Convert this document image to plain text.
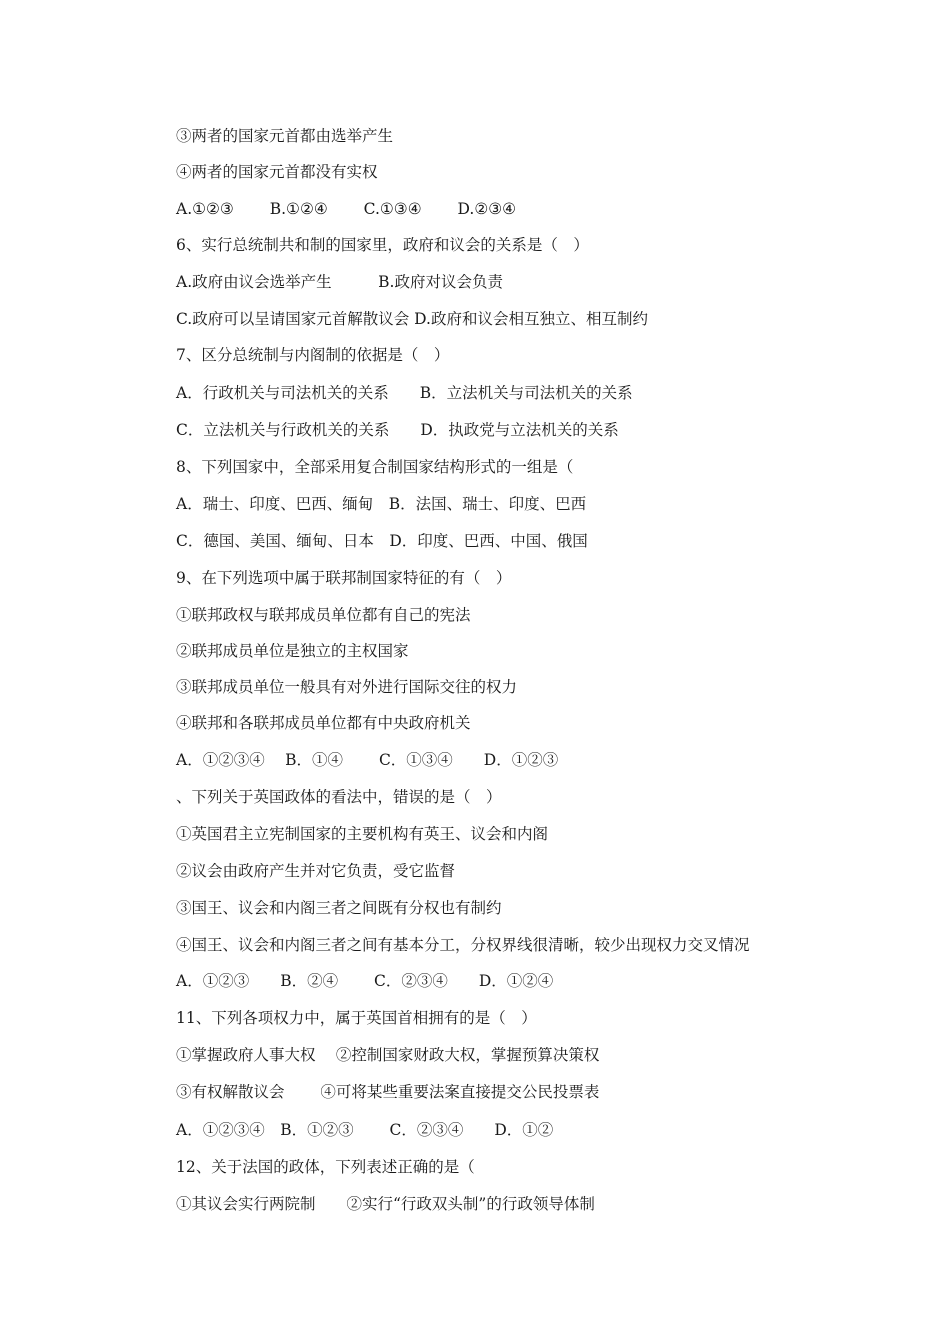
③两者的国家元首都由选举产生
④两者的国家元首都没有实权
A.①②③　　 B.①②④　　 C.①③④　　 D.②③④
6、实行总统制共和制的国家里，政府和议会的关系是（　）
A.政府由议会选举产生　　　B.政府对议会负责
C.政府可以呈请国家元首解散议会 D.政府和议会相互独立、相互制约
7、区分总统制与内阁制的依据是（　）
A．行政机关与司法机关的关系　　B．立法机关与司法机关的关系
C．立法机关与行政机关的关系　　D．执政党与立法机关的关系
8、下列国家中，全部采用复合制国家结构形式的一组是（
A．瑞士、印度、巴西、缅甸　B．法国、瑞士、印度、巴西
C．德国、美国、缅甸、日本　D．印度、巴西、中国、俄国
9、在下列选项中属于联邦制国家特征的有（　）
①联邦政权与联邦成员单位都有自己的宪法
②联邦成员单位是独立的主权国家
③联邦成员单位一般具有对外进行国际交往的权力
④联邦和各联邦成员单位都有中央政府机关
A．①②③④　 B．①④　　 C．①③④　　D．①②③
、下列关于英国政体的看法中，错误的是（　）
①英国君主立宪制国家的主要机构有英王、议会和内阁
②议会由政府产生并对它负责，受它监督
③国王、议会和内阁三者之间既有分权也有制约
④国王、议会和内阁三者之间有基本分工，分权界线很清晰，较少出现权力交叉情况
A．①②③　　B．②④　　 C．②③④　　D．①②④
11、下列各项权力中，属于英国首相拥有的是（　）
①掌握政府人事大权　 ②控制国家财政大权，掌握预算决策权
③有权解散议会　　 ④可将某些重要法案直接提交公民投票表
A．①②③④　B．①②③　　 C．②③④　　D．①②
12、关于法国的政体，下列表述正确的是（
①其议会实行两院制　　②实行“行政双头制”的行政领导体制
